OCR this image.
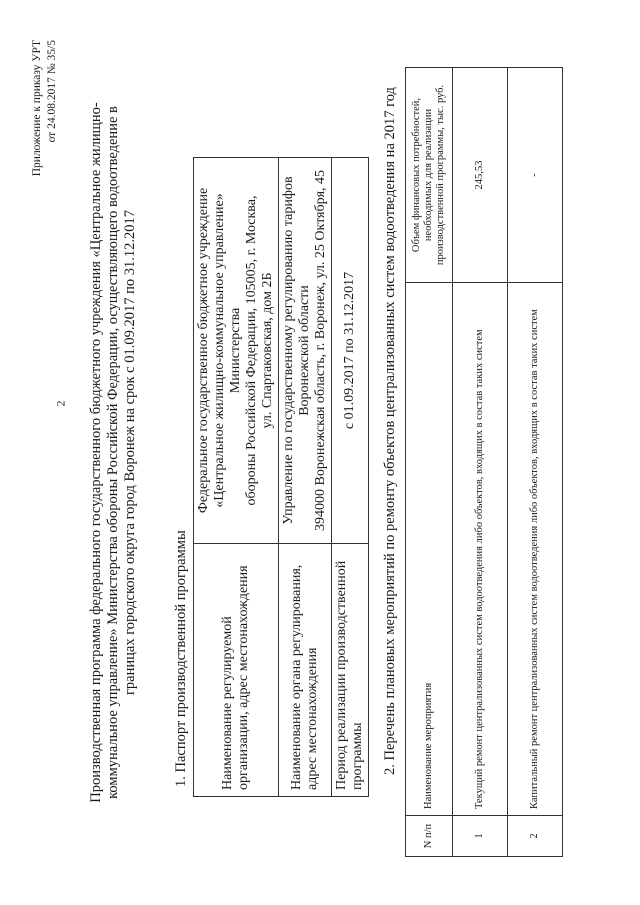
2
Приложение к приказу УРТ от 24.08.2017 № 35/5
Производственная программа федерального государственного бюджетного учреждения «Центральное жилищно- коммунальное управление» Министерства обороны Российской Федерации, осуществляющего водоотведение в границах городского округа город Воронеж на срок с 01.09.2017 по 31.12.2017 1. Паспорт производственной программы Наименование регулируемой организации, адрес местонахождения	Федеральное государственное бюджетное учреждение «Центральное жилищно-коммунальное управление» Министерства обороны Российской Федерации, 105005, г. Москва, ул. Спартаковская, дом 2Б

Наименование органа регулирования, адрес местонахождения	Управление по государственному регулированию тарифов Воронежской области 394000 Воронежская область, г. Воронеж, ул. 25 Октября, 45

Период реализации производственной программы	с 01.09.2017 по 31.12.2017 2. Перечень плановых мероприятий по ремонту объектов централизованных систем водоотведения на 2017 год
N п/п	Наименование мероприятия	Объем финансовых потребностей, необходимых для реализации производственной программы, тыс. руб.
1	Текущий ремонт централизованных систем водоотведения либо объектов, входящих в состав таких систем	245,53
2	Капитальный ремонт централизованных систем водоотведения либо объектов, входящих в состав таких систем	-
